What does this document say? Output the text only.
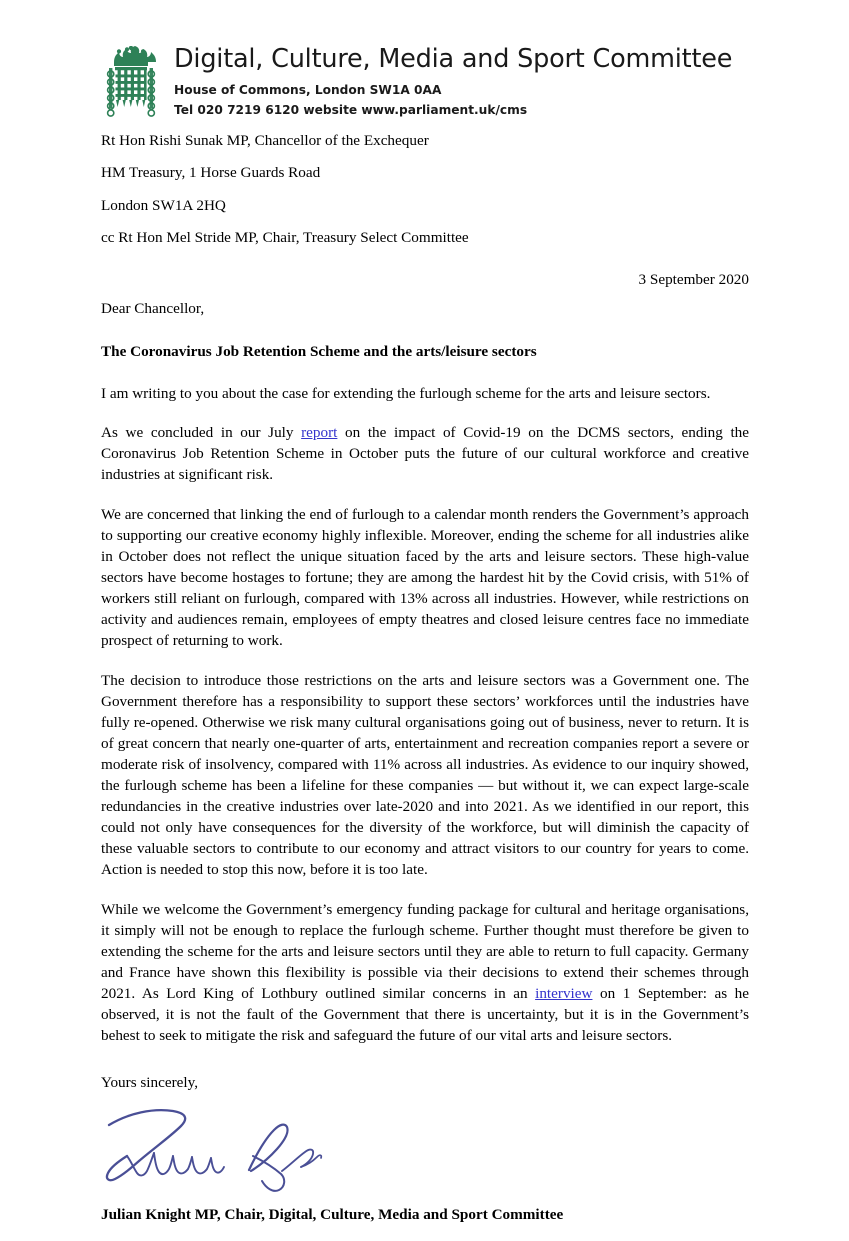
Digital, Culture, Media and Sport Committee
House of Commons, London SW1A 0AA
Tel 020 7219 6120 website www.parliament.uk/cms

Rt Hon Rishi Sunak MP, Chancellor of the Exchequer

HM Treasury, 1 Horse Guards Road

London SW1A 2HQ

cc Rt Hon Mel Stride MP, Chair, Treasury Select Committee

3 September 2020

Dear Chancellor,

The Coronavirus Job Retention Scheme and the arts/leisure sectors

I am writing to you about the case for extending the furlough scheme for the arts and leisure sectors.

As we concluded in our July report on the impact of Covid-19 on the DCMS sectors, ending the Coronavirus Job Retention Scheme in October puts the future of our cultural workforce and creative industries at significant risk.

We are concerned that linking the end of furlough to a calendar month renders the Government’s approach to supporting our creative economy highly inflexible. Moreover, ending the scheme for all industries alike in October does not reflect the unique situation faced by the arts and leisure sectors. These high-value sectors have become hostages to fortune; they are among the hardest hit by the Covid crisis, with 51% of workers still reliant on furlough, compared with 13% across all industries. However, while restrictions on activity and audiences remain, employees of empty theatres and closed leisure centres face no immediate prospect of returning to work.

The decision to introduce those restrictions on the arts and leisure sectors was a Government one. The Government therefore has a responsibility to support these sectors’ workforces until the industries have fully re-opened. Otherwise we risk many cultural organisations going out of business, never to return. It is of great concern that nearly one-quarter of arts, entertainment and recreation companies report a severe or moderate risk of insolvency, compared with 11% across all industries. As evidence to our inquiry showed, the furlough scheme has been a lifeline for these companies — but without it, we can expect large-scale redundancies in the creative industries over late-2020 and into 2021. As we identified in our report, this could not only have consequences for the diversity of the workforce, but will diminish the capacity of these valuable sectors to contribute to our economy and attract visitors to our country for years to come. Action is needed to stop this now, before it is too late.

While we welcome the Government’s emergency funding package for cultural and heritage organisations, it simply will not be enough to replace the furlough scheme. Further thought must therefore be given to extending the scheme for the arts and leisure sectors until they are able to return to full capacity. Germany and France have shown this flexibility is possible via their decisions to extend their schemes through 2021. As Lord King of Lothbury outlined similar concerns in an interview on 1 September: as he observed, it is not the fault of the Government that there is uncertainty, but it is in the Government’s behest to seek to mitigate the risk and safeguard the future of our vital arts and leisure sectors.

Yours sincerely,

Julian Knight MP, Chair, Digital, Culture, Media and Sport Committee
